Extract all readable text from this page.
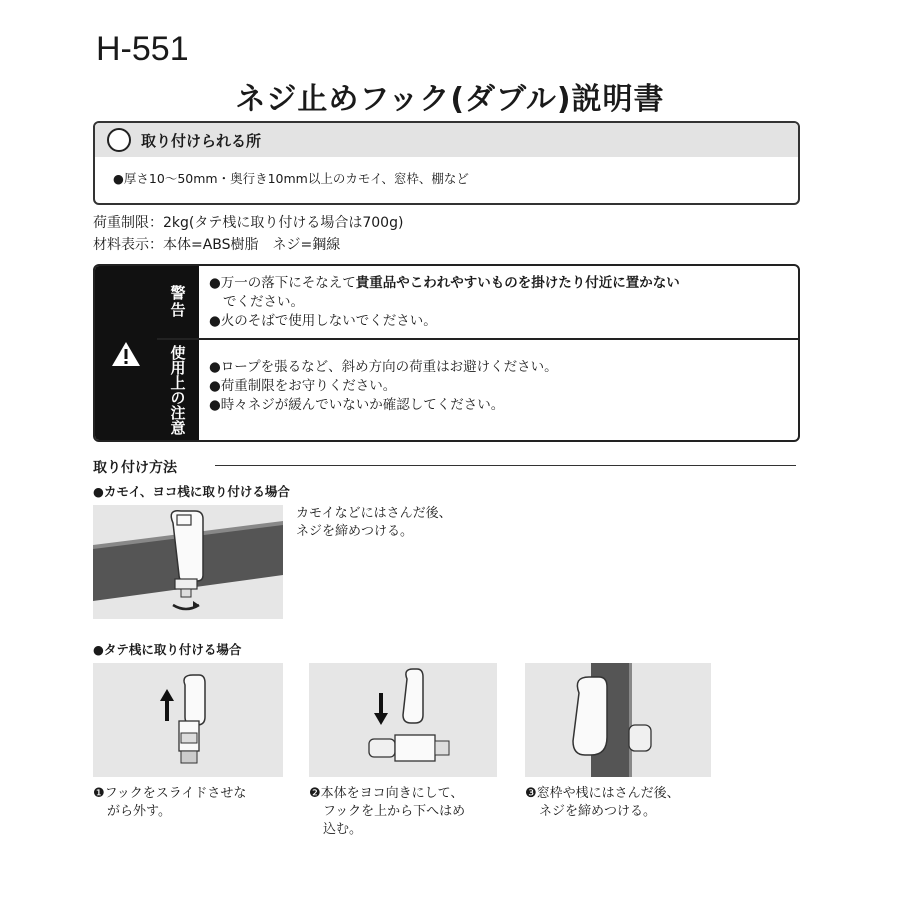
H-551
ネジ止めフック(ダブル)説明書
取り付けられる所
●厚さ10～50mm・奥行き10mm以上のカモイ、窓枠、棚など
荷重制限：2kg(タテ桟に取り付ける場合は700g)
材料表示：本体=ABS樹脂　ネジ=鋼線
警告
使用上の注意

●万一の落下にそなえて貴重品やこわれやすいものを掛けたり付近に置かない

でください。

●火のそばで使用しないでください。

●ロープを張るなど、斜め方向の荷重はお避けください。

●荷重制限をお守りください。

●時々ネジが緩んでいないか確認してください。

取り付け方法
●カモイ、ヨコ桟に取り付ける場合
カモイなどにはさんだ後、
ネジを締めつける。
●タテ桟に取り付ける場合
❶フックをスライドさせな
がら外す。
❷本体をヨコ向きにして、
フックを上から下へはめ
込む。
❸窓枠や桟にはさんだ後、
ネジを締めつける。
